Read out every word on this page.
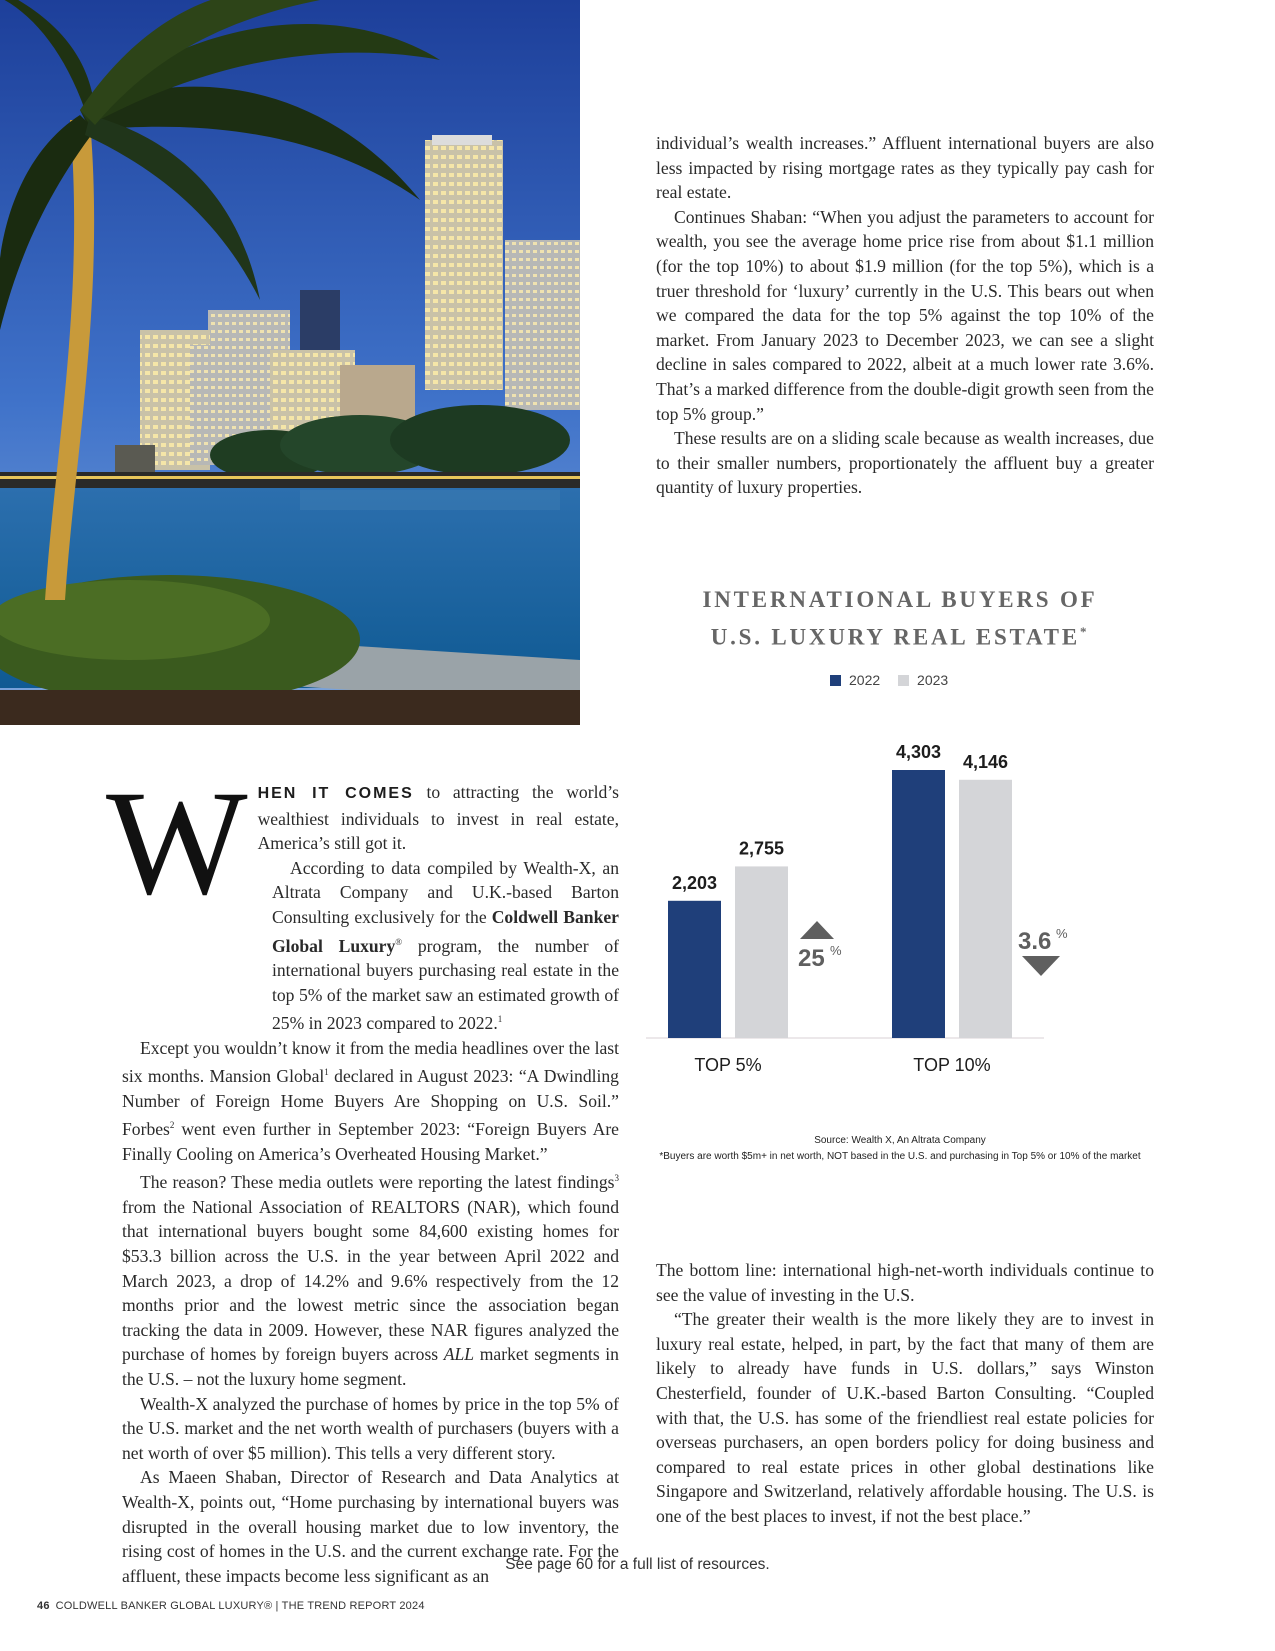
individual’s wealth increases.” Affluent international buyers are also less impacted by rising mortgage rates as they typically pay cash for real estate.

Continues Shaban: “When you adjust the parameters to account for wealth, you see the average home price rise from about $1.1 million (for the top 10%) to about $1.9 million (for the top 5%), which is a truer threshold for ‘luxury’ currently in the U.S. This bears out when we compared the data for the top 5% against the top 10% of the market. From January 2023 to December 2023, we can see a slight decline in sales compared to 2022, albeit at a much lower rate 3.6%. That’s a marked difference from the double-digit growth seen from the top 5% group.”

These results are on a sliding scale because as wealth increases, due to their smaller numbers, proportionately the affluent buy a greater quantity of luxury properties.

INTERNATIONAL BUYERS OF
U.S. LUXURY REAL ESTATE*
2022
	2023
2,203
2,755
TOP 5%
4,303 4,146
TOP 10%
25 %	3.6 %
Source: Wealth X, An Altrata Company
*Buyers are worth $5m+ in net worth, NOT based in the U.S. and purchasing in Top 5% or 10% of the market

WHEN IT COMES to attracting the world’s wealthiest individuals to invest in real estate, America’s still got it.

According to data compiled by Wealth-X, an Altrata Company and U.K.-based Barton Consulting exclusively for the Coldwell Banker Global Luxury® program, the number of international buyers purchasing real estate in the top 5% of the market saw an estimated growth of 25% in 2023 compared to 2022.$^1$

Except you wouldn’t know it from the media headlines over the last six months. Mansion Global$^1$ declared in August 2023: “A Dwindling Number of Foreign Home Buyers Are Shopping on U.S. Soil.” Forbes$^2$ went even further in September 2023: “Foreign Buyers Are Finally Cooling on America’s Overheated Housing Market.”

The reason? These media outlets were reporting the latest findings$^3$ from the National Association of REALTORS (NAR), which found that international buyers bought some 84,600 existing homes for $53.3 billion across the U.S. in the year between April 2022 and March 2023, a drop of 14.2% and 9.6% respectively from the 12 months prior and the lowest metric since the association began tracking the data in 2009. However, these NAR figures analyzed the purchase of homes by foreign buyers across ALL market segments in the U.S. – not the luxury home segment.

Wealth-X analyzed the purchase of homes by price in the top 5% of the U.S. market and the net worth wealth of purchasers (buyers with a net worth of over $5 million). This tells a very different story.

As Maeen Shaban, Director of Research and Data Analytics at Wealth-X, points out, “Home purchasing by international buyers was disrupted in the overall housing market due to low inventory, the rising cost of homes in the U.S. and the current exchange rate. For the affluent, these impacts become less significant as an

The bottom line: international high-net-worth individuals continue to see the value of investing in the U.S.

“The greater their wealth is the more likely they are to invest in luxury real estate, helped, in part, by the fact that many of them are likely to already have funds in U.S. dollars,” says Winston Chesterfield, founder of U.K.-based Barton Consulting. “Coupled with that, the U.S. has some of the friendliest real estate policies for overseas purchasers, an open borders policy for doing business and compared to real estate prices in other global destinations like Singapore and Switzerland, relatively affordable housing. The U.S. is one of the best places to invest, if not the best place.”

See page 60 for a full list of resources.
46 COLDWELL BANKER GLOBAL LUXURY® | THE TREND REPORT 2024
